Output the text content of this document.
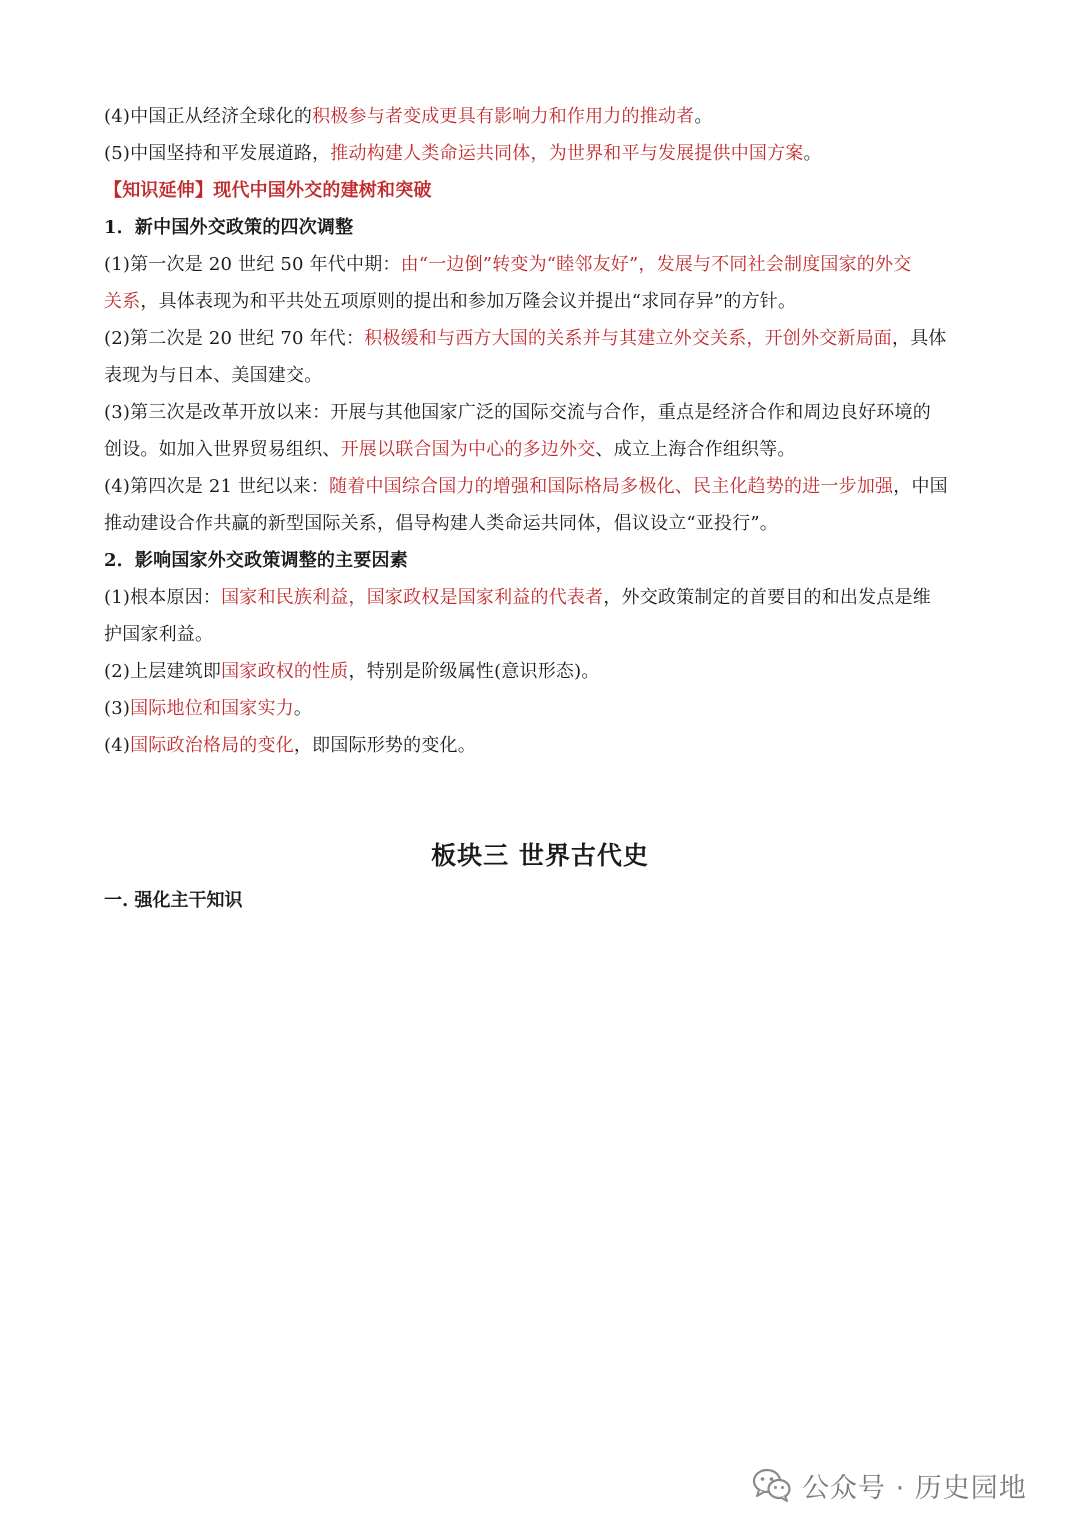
(4)中国正从经济全球化的积极参与者变成更具有影响力和作用力的推动者。
(5)中国坚持和平发展道路，推动构建人类命运共同体，为世界和平与发展提供中国方案。
【知识延伸】现代中国外交的建树和突破
1．新中国外交政策的四次调整
(1)第一次是 20 世纪 50 年代中期：由“一边倒”转变为“睦邻友好”，发展与不同社会制度国家的外交
关系，具体表现为和平共处五项原则的提出和参加万隆会议并提出“求同存异”的方针。
(2)第二次是 20 世纪 70 年代：积极缓和与西方大国的关系并与其建立外交关系，开创外交新局面，具体
表现为与日本、美国建交。
(3)第三次是改革开放以来：开展与其他国家广泛的国际交流与合作，重点是经济合作和周边良好环境的
创设。如加入世界贸易组织、开展以联合国为中心的多边外交、成立上海合作组织等。
(4)第四次是 21 世纪以来：随着中国综合国力的增强和国际格局多极化、民主化趋势的进一步加强，中国
推动建设合作共赢的新型国际关系，倡导构建人类命运共同体，倡议设立“亚投行”。
2．影响国家外交政策调整的主要因素
(1)根本原因：国家和民族利益，国家政权是国家利益的代表者，外交政策制定的首要目的和出发点是维
护国家利益。
(2)上层建筑即国家政权的性质，特别是阶级属性(意识形态)。
(3)国际地位和国家实力。
(4)国际政治格局的变化，即国际形势的变化。
板块三 世界古代史
一. 强化主干知识
公众号 · 历史园地
